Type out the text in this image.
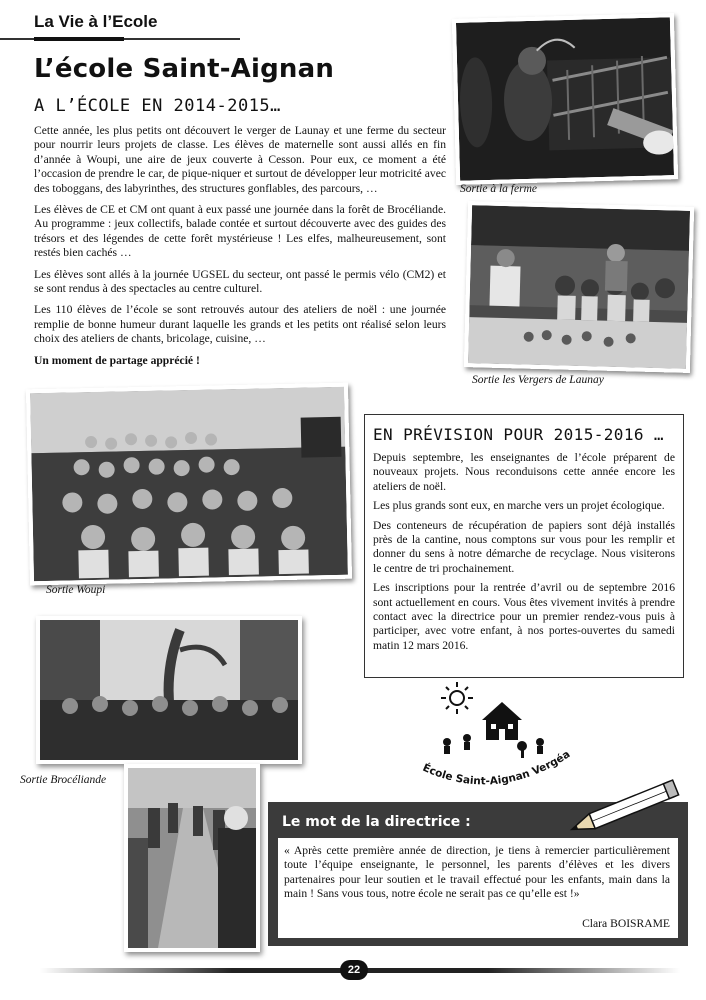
La Vie à l’Ecole
L’école Saint-Aignan
A L’ÉCOLE EN 2014-2015…

Cette année, les plus petits ont découvert le verger de Launay et une ferme du secteur pour nourrir leurs projets de classe. Les élèves de maternelle sont aussi allés en fin d’année à Woupi, une aire de jeux couverte à Cesson. Pour eux, ce moment a été l’occasion de prendre le car, de pique-niquer et surtout de développer leur motricité avec des toboggans, des labyrinthes, des structures gonflables, des parcours, …

Les élèves de CE et CM ont quant à eux passé une journée dans la forêt de Brocéliande. Au programme : jeux collectifs, balade contée et surtout découverte avec des guides des trésors et des légendes de cette forêt mystérieuse ! Les elfes, malheureusement, sont restés bien cachés …

Les élèves sont allés à la journée UGSEL du secteur, ont passé le permis vélo (CM2) et se sont rendus à des spectacles au centre culturel.

Les 110 élèves de l’école se sont retrouvés autour des ateliers de noël : une journée remplie de bonne humeur durant laquelle les grands et les petits ont réalisé selon leurs choix des ateliers de chants, bricolage, cuisine, …

Un moment de partage apprécié !

Sortie à la ferme
Sortie les Vergers de Launay
Sortie Woupi
Sortie Brocéliande
EN PRÉVISION POUR 2015-2016 …

Depuis septembre, les enseignantes de l’école préparent de nouveaux projets. Nous reconduisons cette année encore les ateliers de noël.

Les plus grands sont eux, en marche vers un projet écologique.

Des conteneurs de récupération de papiers sont déjà installés près de la cantine, nous comptons sur vous pour les remplir et donner du sens à notre démarche de recyclage. Nous visiterons le centre de tri prochainement.

Les inscriptions pour la rentrée d’avril ou de septembre 2016 sont actuellement en cours. Vous êtes vivement invités à prendre contact avec la directrice pour un premier rendez-vous puis à participer, avec votre enfant, à nos portes-ouvertes du samedi matin 12 mars 2016.

École Saint-Aignan Vergéa
Le mot de la directrice :
« Après cette première année de direction, je tiens à remercier particulièrement toute l’équipe enseignante, le personnel, les parents d’élèves et les divers partenaires pour leur soutien et le travail effectué pour les enfants, main dans la main ! Sans vous tous, notre école ne serait pas ce qu’elle est !»
Clara BOISRAME
22
